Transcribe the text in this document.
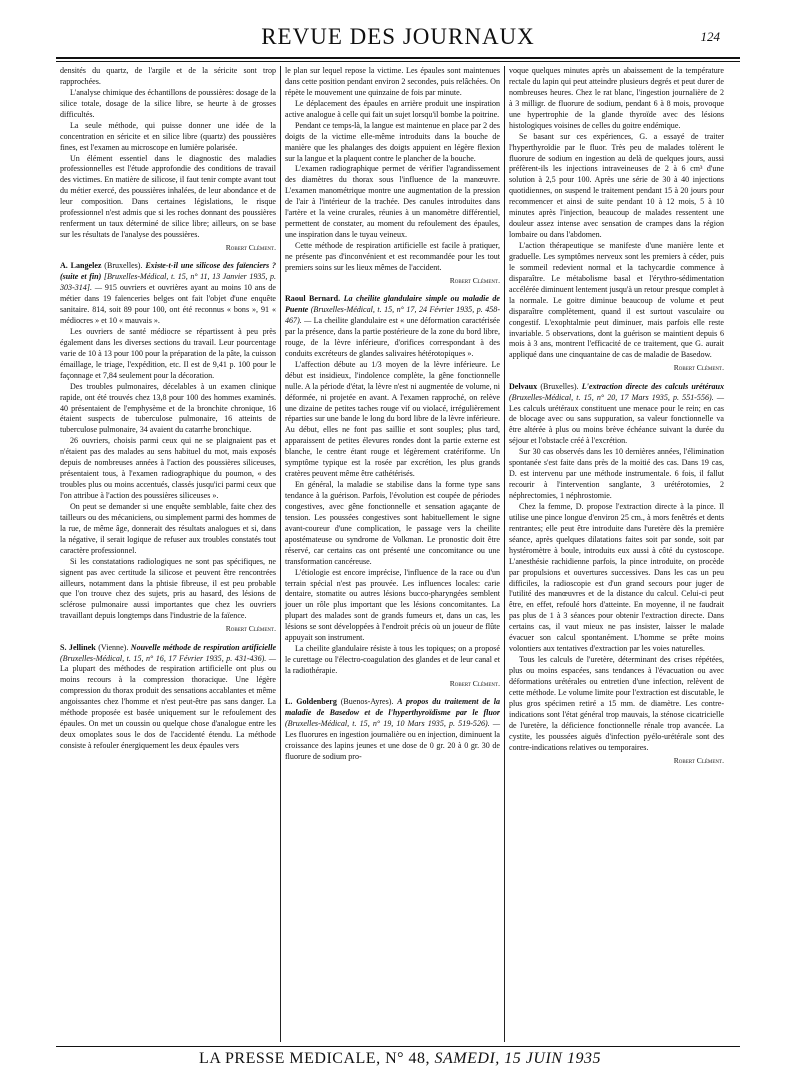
REVUE DES JOURNAUX	124

densités du quartz, de l'argile et de la séricite sont trop rapprochées.

L'analyse chimique des échantillons de poussières: dosage de la silice totale, dosage de la silice libre, se heurte à de grosses difficultés.

La seule méthode, qui puisse donner une idée de la concentration en séricite et en silice libre (quartz) des poussières fines, est l'examen au microscope en lumière polarisée.

Un élément essentiel dans le diagnostic des maladies professionnelles est l'étude approfondie des conditions de travail des victimes. En matière de silicose, il faut tenir compte avant tout du métier exercé, des poussières inhalées, de leur abondance et de leur composition. Dans certaines législations, le risque professionnel n'est admis que si les roches donnant des poussières renferment un taux déterminé de silice libre; ailleurs, on se base sur les résultats de l'analyse des poussières.

Robert Clément.

A. Langelez (Bruxelles). Existe-t-il une silicose des faïenciers ? (suite et fin) [Bruxelles-Médical, t. 15, n° 11, 13 Janvier 1935, p. 303-314]. — 915 ouvriers et ouvrières ayant au moins 10 ans de métier dans 19 faïenceries belges ont fait l'objet d'une enquête sanitaire. 814, soit 89 pour 100, ont été reconnus « bons », 91 « médiocres » et 10 « mauvais ».

Les ouvriers de santé médiocre se répartissent à peu près également dans les diverses sections du travail. Leur pourcentage varie de 10 à 13 pour 100 pour la préparation de la pâte, la cuisson émaillage, le triage, l'expédition, etc. Il est de 9,41 p. 100 pour le façonnage et 7,84 seulement pour la décoration.

Des troubles pulmonaires, décelables à un examen clinique rapide, ont été trouvés chez 13,8 pour 100 des hommes examinés. 40 présentaient de l'emphysème et de la bronchite chronique, 16 étaient suspects de tuberculose pulmonaire, 16 atteints de tuberculose pulmonaire, 34 avaient du catarrhe bronchique.

26 ouvriers, choisis parmi ceux qui ne se plaignaient pas et n'étaient pas des malades au sens habituel du mot, mais exposés depuis de nombreuses années à l'action des poussières siliceuses, présentaient tous, à l'examen radiographique du poumon, « des troubles plus ou moins accentués, classés jusqu'ici parmi ceux que l'on attribue à l'action des poussières siliceuses ».

On peut se demander si une enquête semblable, faite chez des tailleurs ou des mécaniciens, ou simplement parmi des hommes de la rue, de même âge, donnerait des résultats analogues et si, dans la négative, il serait logique de refuser aux troubles constatés tout caractère professionnel.

Si les constatations radiologiques ne sont pas spécifiques, ne signent pas avec certitude la silicose et peuvent être rencontrées ailleurs, notamment dans la phtisie fibreuse, il est peu probable que l'on trouve chez des sujets, pris au hasard, des lésions de sclérose pulmonaire aussi importantes que chez les ouvriers travaillant depuis longtemps dans l'industrie de la faïence.

Robert Clément.

S. Jellinek (Vienne). Nouvelle méthode de respiration artificielle (Bruxelles-Médical, t. 15, n° 16, 17 Février 1935, p. 431-436). — La plupart des méthodes de respiration artificielle ont plus ou moins recours à la compression thoracique. Une légère compression du thorax produit des sensations accablantes et même angoissantes chez l'homme et n'est peut-être pas sans danger. La méthode proposée est basée uniquement sur le refoulement des épaules. On met un coussin ou quelque chose d'analogue entre les deux omoplates sous le dos de l'accidenté étendu. La méthode consiste à refouler énergiquement les deux épaules vers

le plan sur lequel repose la victime. Les épaules sont maintenues dans cette position pendant environ 2 secondes, puis relâchées. On répète le mouvement une quinzaine de fois par minute.

Le déplacement des épaules en arrière produit une inspiration active analogue à celle qui fait un sujet lorsqu'il bombe la poitrine.

Pendant ce temps-là, la langue est maintenue en place par 2 des doigts de la victime elle-même introduits dans la bouche de manière que les phalanges des doigts appuient en légère flexion sur la langue et la plaquent contre le plancher de la bouche.

L'examen radiographique permet de vérifier l'agrandissement des diamètres du thorax sous l'influence de la manœuvre. L'examen manométrique montre une augmentation de la pression de l'air à l'intérieur de la trachée. Des canules introduites dans l'artère et la veine crurales, réunies à un manomètre différentiel, permettent de constater, au moment du refoulement des épaules, une inspiration dans le tuyau veineux.

Cette méthode de respiration artificielle est facile à pratiquer, ne présente pas d'inconvénient et est recommandée pour les tout premiers soins sur les lieux mêmes de l'accident.

Robert Clément.

Raoul Bernard. La cheilite glandulaire simple ou maladie de Puente (Bruxelles-Médical, t. 15, n° 17, 24 Février 1935, p. 458-467). — La cheilite glandulaire est « une déformation caractérisée par la présence, dans la partie postérieure de la zone du bord libre, rouge, de la lèvre inférieure, d'orifices correspondant à des conduits excréteurs de glandes salivaires hétérotopiques ».

L'affection débute au 1/3 moyen de la lèvre inférieure. Le début est insidieux, l'indolence complète, la gêne fonctionnelle nulle. A la période d'état, la lèvre n'est ni augmentée de volume, ni déformée, ni projetée en avant. A l'examen rapproché, on relève une dizaine de petites taches rouge vif ou violacé, irrégulièrement réparties sur une bande le long du bord libre de la lèvre inférieure. Au début, elles ne font pas saillie et sont souples; plus tard, apparaissent de petites élevures rondes dont la partie externe est blanche, le centre étant rouge et légèrement cratériforme. Un symptôme typique est la rosée par excrétion, les plus grands cratères peuvent même être cathétérisés.

En général, la maladie se stabilise dans la forme type sans tendance à la guérison. Parfois, l'évolution est coupée de périodes congestives, avec gêne fonctionnelle et sensation agaçante de tension. Les poussées congestives sont habituellement le signe avant-coureur d'une complication, le passage vers la cheilite apostémateuse ou syndrome de Volkman. Le pronostic doit être réservé, car certains cas ont présenté une concomitance ou une transformation cancéreuse.

L'étiologie est encore imprécise, l'influence de la race ou d'un terrain spécial n'est pas prouvée. Les influences locales: carie dentaire, stomatite ou autres lésions bucco-pharyngées semblent jouer un rôle plus important que les lésions concomitantes. La plupart des malades sont de grands fumeurs et, dans un cas, les lésions se sont développées à l'endroit précis où un joueur de flûte appuyait son instrument.

La cheilite glandulaire résiste à tous les topiques; on a proposé le curettage ou l'électro-coagulation des glandes et de leur canal et la radiothérapie.

Robert Clément.

L. Goldenberg (Buenos-Ayres). A propos du traitement de la maladie de Basedow et de l'hyperthyroïdisme par le fluor (Bruxelles-Médical, t. 15, n° 19, 10 Mars 1935, p. 519-526). — Les fluorures en ingestion journalière ou en injection, diminuent la croissance des lapins jeunes et une dose de 0 gr. 20 à 0 gr. 30 de fluorure de sodium pro-

voque quelques minutes après un abaissement de la température rectale du lapin qui peut atteindre plusieurs degrés et peut durer de nombreuses heures. Chez le rat blanc, l'ingestion journalière de 2 à 3 milligr. de fluorure de sodium, pendant 6 à 8 mois, provoque une hypertrophie de la glande thyroïde avec des lésions histologiques voisines de celles du goitre endémique.

Se basant sur ces expériences, G. a essayé de traiter l'hyperthyroïdie par le fluor. Très peu de malades tolèrent le fluorure de sodium en ingestion au delà de quelques jours, aussi préfèrent-ils les injections intraveineuses de 2 à 6 cm³ d'une solution à 2,5 pour 100. Après une série de 30 à 40 injections quotidiennes, on suspend le traitement pendant 15 à 20 jours pour recommencer et ainsi de suite pendant 10 à 12 mois, 5 à 10 minutes après l'injection, beaucoup de malades ressentent une douleur assez intense avec sensation de crampes dans la région lombaire ou dans l'abdomen.

L'action thérapeutique se manifeste d'une manière lente et graduelle. Les symptômes nerveux sont les premiers à céder, puis le sommeil redevient normal et la tachycardie commence à disparaître. Le métabolisme basal et l'érythro-sédimentation accélérée diminuent lentement jusqu'à un retour presque complet à la normale. Le goitre diminue beaucoup de volume et peut disparaître complètement, quand il est surtout vasculaire ou congestif. L'exophtalmie peut diminuer, mais parfois elle reste invariable. 5 observations, dont la guérison se maintient depuis 6 mois à 3 ans, montrent l'efficacité de ce traitement, que G. aurait appliqué dans une cinquantaine de cas de maladie de Basedow.

Robert Clément.

Delvaux (Bruxelles). L'extraction directe des calculs urétéraux (Bruxelles-Médical, t. 15, n° 20, 17 Mars 1935, p. 551-556). — Les calculs urétéraux constituent une menace pour le rein; en cas de blocage avec ou sans suppuration, sa valeur fonctionnelle va être altérée à plus ou moins brève échéance suivant la durée du séjour et l'obstacle créé à l'excrétion.

Sur 30 cas observés dans les 10 dernières années, l'élimination spontanée s'est faite dans près de la moitié des cas. Dans 19 cas, D. est intervenu par une méthode instrumentale. 6 fois, il fallut recourir à l'intervention sanglante, 3 urétérotomies, 2 néphrectomies, 1 néphrostomie.

Chez la femme, D. propose l'extraction directe à la pince. Il utilise une pince longue d'environ 25 cm., à mors fenêtrés et dents rentrantes; elle peut être introduite dans l'uretère dès la première séance, après quelques dilatations faites soit par sonde, soit par hystéromètre à boule, introduits eux aussi à côté du cystoscope. L'anesthésie rachidienne parfois, la pince introduite, on procède par propulsions et ouvertures successives. Dans les cas un peu difficiles, la radioscopie est d'un grand secours pour juger de l'utilité des manœuvres et de la distance du calcul. Celui-ci peut être, en effet, refoulé hors d'atteinte. En moyenne, il ne faudrait pas plus de 1 à 3 séances pour obtenir l'extraction directe. Dans certains cas, il vaut mieux ne pas insister, laisser le malade évacuer son calcul spontanément. L'homme se prête moins volontiers aux tentatives d'extraction par les voies naturelles.

Tous les calculs de l'uretère, déterminant des crises répétées, plus ou moins espacées, sans tendances à l'évacuation ou avec déformations urétérales ou entretien d'une infection, relèvent de cette méthode. Le volume limite pour l'extraction est discutable, le plus gros spécimen retiré a 15 mm. de diamètre. Les contre-indications sont l'état général trop mauvais, la sténose cicatricielle de l'uretère, la déficience fonctionnelle rénale trop avancée. La cystite, les poussées aiguës d'infection pyélo-urétérale sont des contre-indications relatives ou temporaires.

Robert Clément.

LA PRESSE MEDICALE, N° 48, SAMEDI, 15 JUIN 1935
